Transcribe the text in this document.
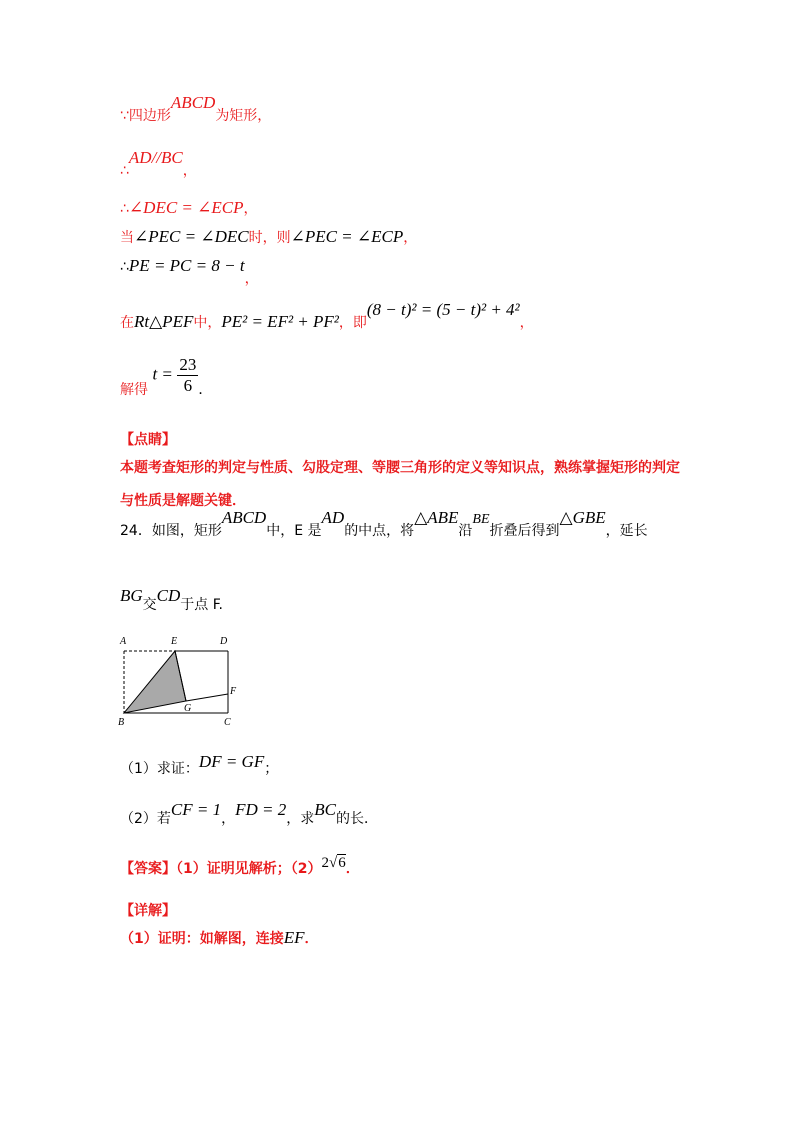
∵四边形ABCD为矩形，
∴AD//BC，
∴∠DEC = ∠ECP，
当∠PEC = ∠DEC时，则∠PEC = ∠ECP，
∴PE = PC = 8 − t，
在Rt△PEF中，PE² = EF² + PF²，即(8 − t)² = (5 − t)² + 4²，
解得 $t = \frac{23}{6}$ ．
【点睛】
本题考查矩形的判定与性质、勾股定理、等腰三角形的定义等知识点，熟练掌握矩形的判定与性质是解题关键．
24．如图，矩形ABCD中，E 是AD的中点，将△ABE沿BE折叠后得到△GBE，延长
BG交CD于点 F.
A	E	D
F
B
G
C
（1）求证：DF = GF；
（2）若CF = 1，FD = 2，求BC的长．
【答案】（1）证明见解析；（2）2√6．
【详解】
（1）证明：如解图，连接EF．
